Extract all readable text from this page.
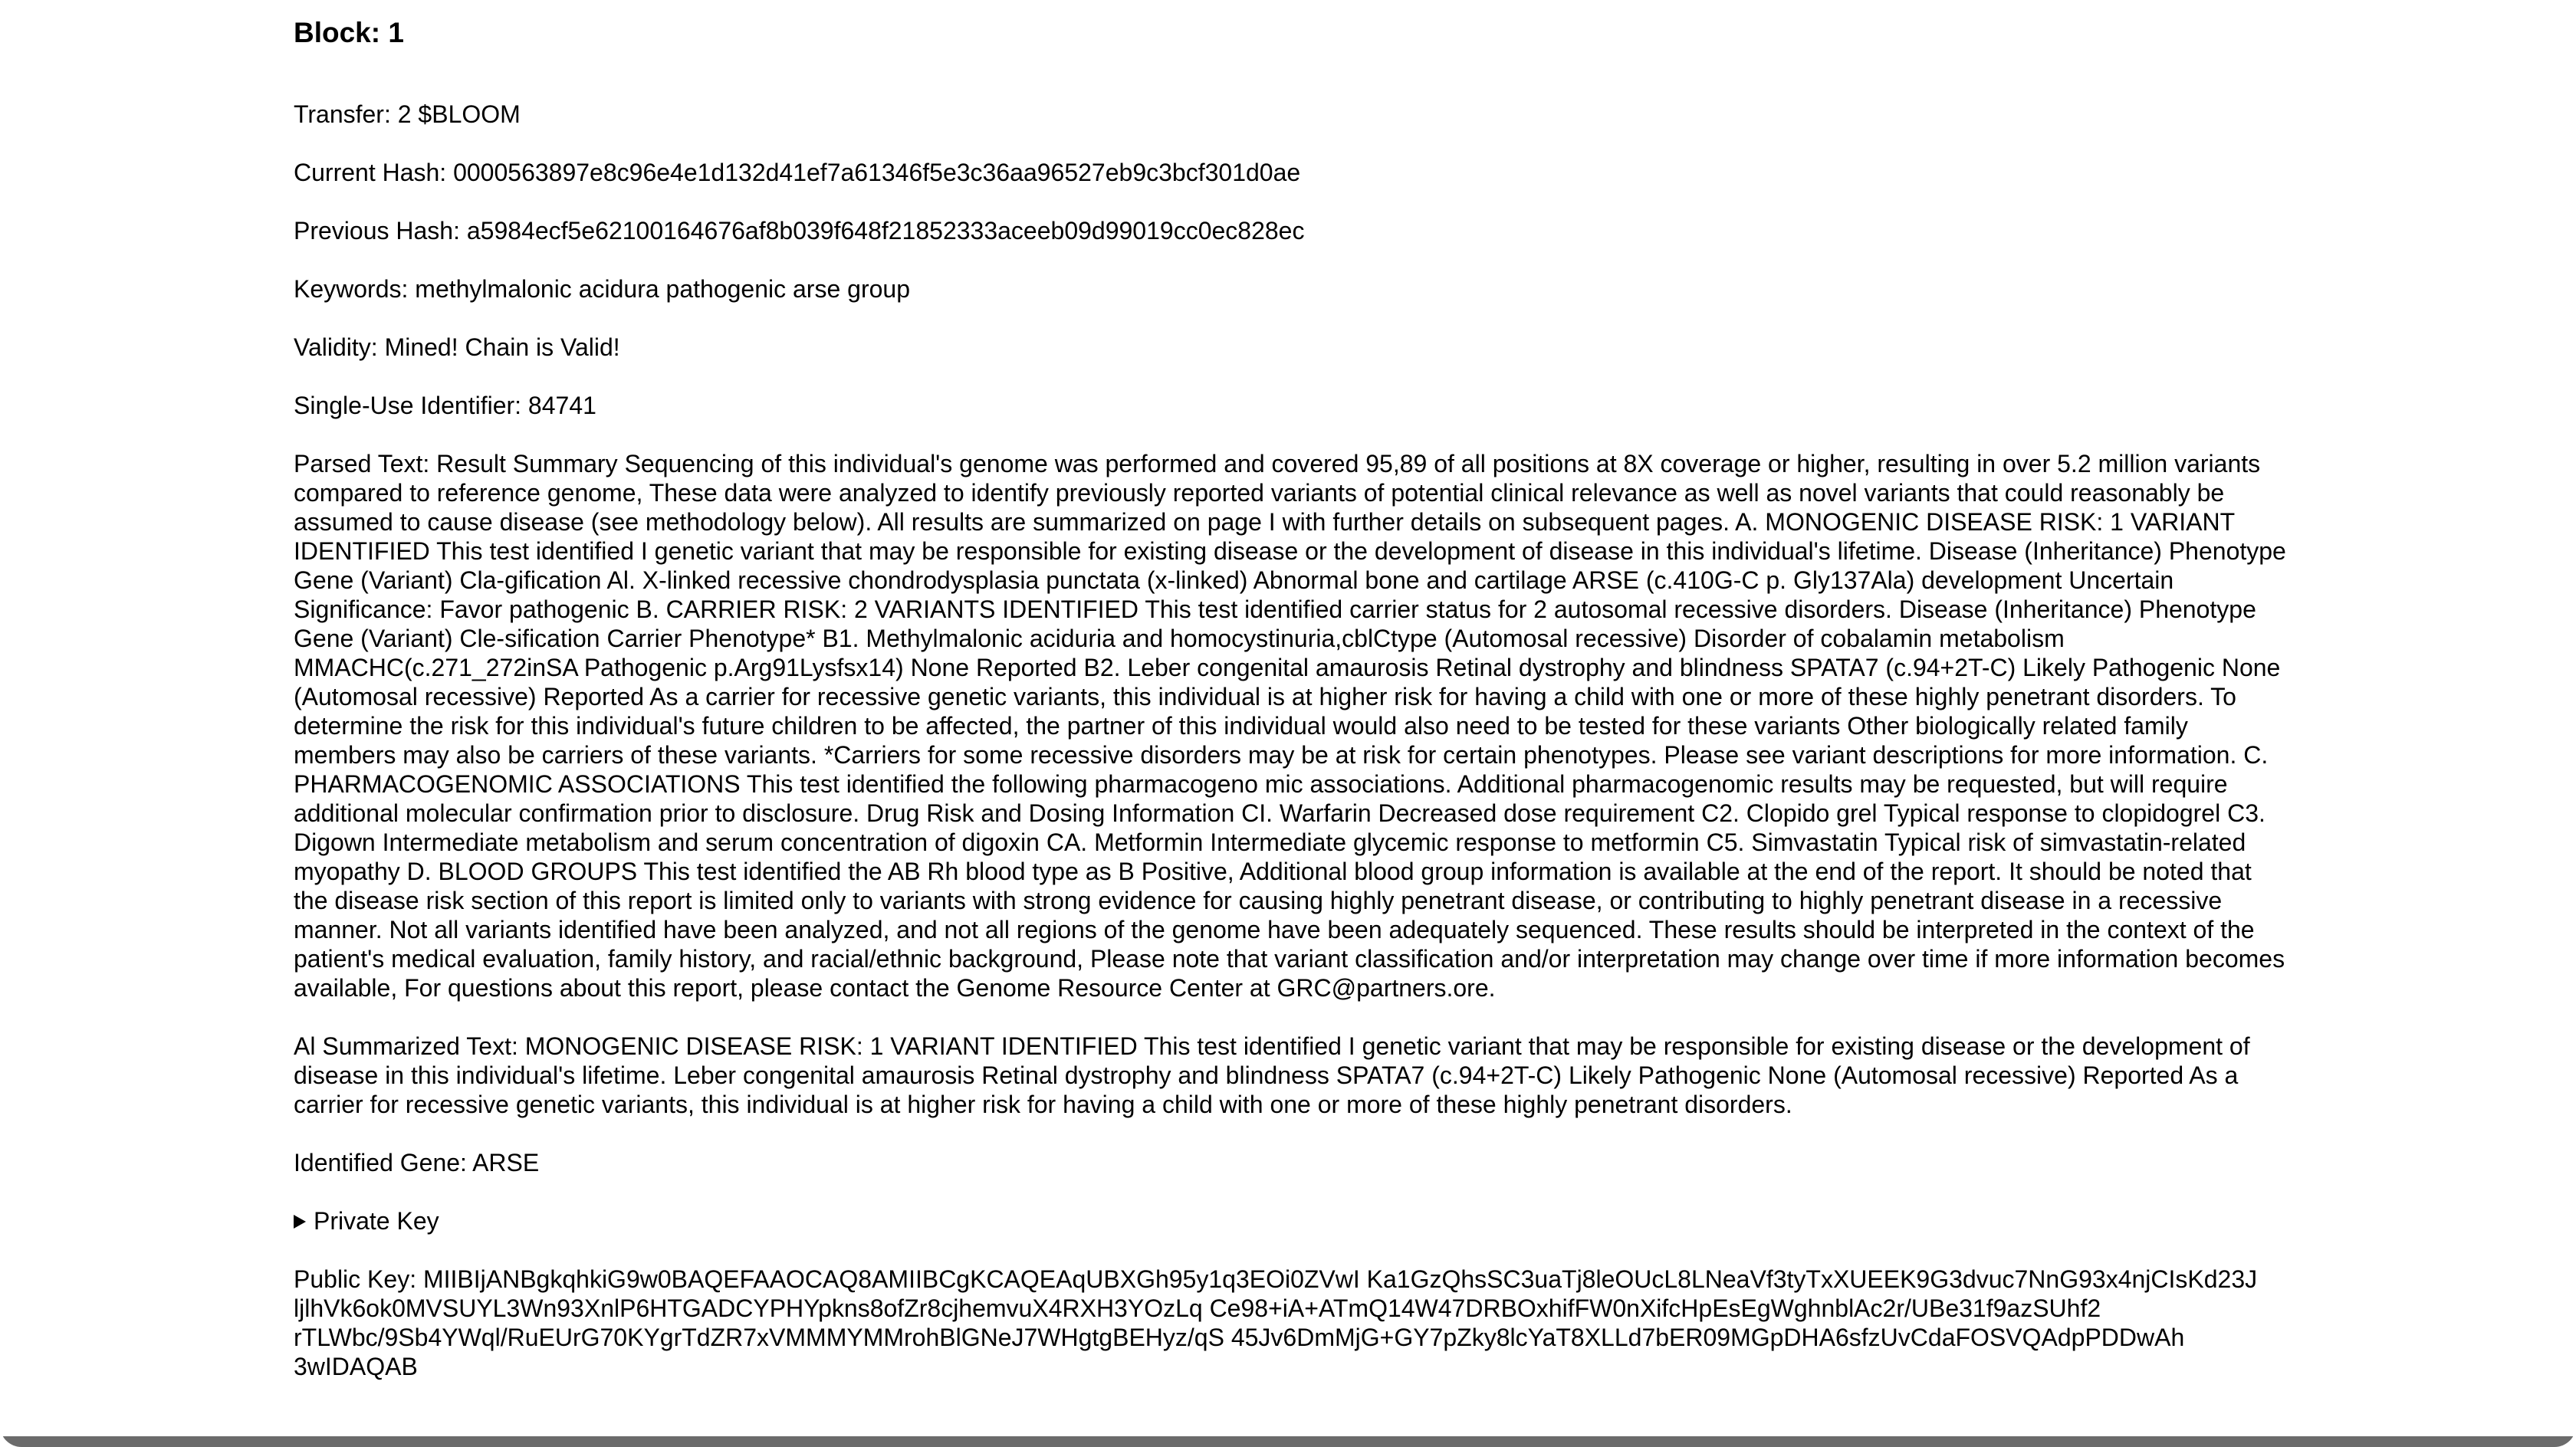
Block: 1

Transfer: 2 $BLOOM

Current Hash: 0000563897e8c96e4e1d132d41ef7a61346f5e3c36aa96527eb9c3bcf301d0ae

Previous Hash: a5984ecf5e62100164676af8b039f648f21852333aceeb09d99019cc0ec828ec

Keywords: methylmalonic acidura pathogenic arse group

Validity: Mined! Chain is Valid!

Single-Use Identifier: 84741

Parsed Text: Result Summary Sequencing of this individual's genome was performed and covered 95,89 of all positions at 8X coverage or higher, resulting in over 5.2 million variants compared to reference genome, These data were analyzed to identify previously reported variants of potential clinical relevance as well as novel variants that could reasonably be assumed to cause disease (see methodology below). All results are summarized on page I with further details on subsequent pages. A. MONOGENIC DISEASE RISK: 1 VARIANT IDENTIFIED This test identified I genetic variant that may be responsible for existing disease or the development of disease in this individual's lifetime. Disease (Inheritance) Phenotype Gene (Variant) Cla-gification Al. X-linked recessive chondrodysplasia punctata (x-linked) Abnormal bone and cartilage ARSE (c.410G-C p. Gly137Ala) development Uncertain Significance: Favor pathogenic B. CARRIER RISK: 2 VARIANTS IDENTIFIED This test identified carrier status for 2 autosomal recessive disorders. Disease (Inheritance) Phenotype Gene (Variant) Cle-sification Carrier Phenotype* B1. Methylmalonic aciduria and homocystinuria,cblCtype (Automosal recessive) Disorder of cobalamin metabolism MMACHC(c.271_272inSA Pathogenic p.Arg91Lysfsx14) None Reported B2. Leber congenital amaurosis Retinal dystrophy and blindness SPATA7 (c.94+2T-C) Likely Pathogenic None (Automosal recessive) Reported As a carrier for recessive genetic variants, this individual is at higher risk for having a child with one or more of these highly penetrant disorders. To determine the risk for this individual's future children to be affected, the partner of this individual would also need to be tested for these variants Other biologically related family members may also be carriers of these variants. *Carriers for some recessive disorders may be at risk for certain phenotypes. Please see variant descriptions for more information. C. PHARMACOGENOMIC ASSOCIATIONS This test identified the following pharmacogeno mic associations. Additional pharmacogenomic results may be requested, but will require additional molecular confirmation prior to disclosure. Drug Risk and Dosing Information CI. Warfarin Decreased dose requirement C2. Clopido grel Typical response to clopidogrel C3. Digown Intermediate metabolism and serum concentration of digoxin CA. Metformin Intermediate glycemic response to metformin C5. Simvastatin Typical risk of simvastatin-related myopathy D. BLOOD GROUPS This test identified the AB Rh blood type as B Positive, Additional blood group information is available at the end of the report. It should be noted that the disease risk section of this report is limited only to variants with strong evidence for causing highly penetrant disease, or contributing to highly penetrant disease in a recessive manner. Not all variants identified have been analyzed, and not all regions of the genome have been adequately sequenced. These results should be interpreted in the context of the patient's medical evaluation, family history, and racial/ethnic background, Please note that variant classification and/or interpretation may change over time if more information becomes available, For questions about this report, please contact the Genome Resource Center at GRC@partners.ore.

Al Summarized Text: MONOGENIC DISEASE RISK: 1 VARIANT IDENTIFIED This test identified I genetic variant that may be responsible for existing disease or the development of disease in this individual's lifetime. Leber congenital amaurosis Retinal dystrophy and blindness SPATA7 (c.94+2T-C) Likely Pathogenic None (Automosal recessive) Reported As a carrier for recessive genetic variants, this individual is at higher risk for having a child with one or more of these highly penetrant disorders.

Identified Gene: ARSE

Private Key

Public Key: MIIBIjANBgkqhkiG9w0BAQEFAAOCAQ8AMIIBCgKCAQEAqUBXGh95y1q3EOi0ZVwI Ka1GzQhsSC3uaTj8leOUcL8LNeaVf3tyTxXUEEK9G3dvuc7NnG93x4njCIsKd23J
ljlhVk6ok0MVSUYL3Wn93XnlP6HTGADCYPHYpkns8ofZr8cjhemvuX4RXH3YOzLq Ce98+iA+ATmQ14W47DRBOxhifFW0nXifcHpEsEgWghnblAc2r/UBe31f9azSUhf2
rTLWbc/9Sb4YWql/RuEUrG70KYgrTdZR7xVMMMYMMrohBlGNeJ7WHgtgBEHyz/qS 45Jv6DmMjG+GY7pZky8lcYaT8XLLd7bER09MGpDHA6sfzUvCdaFOSVQAdpPDDwAh
3wIDAQAB
